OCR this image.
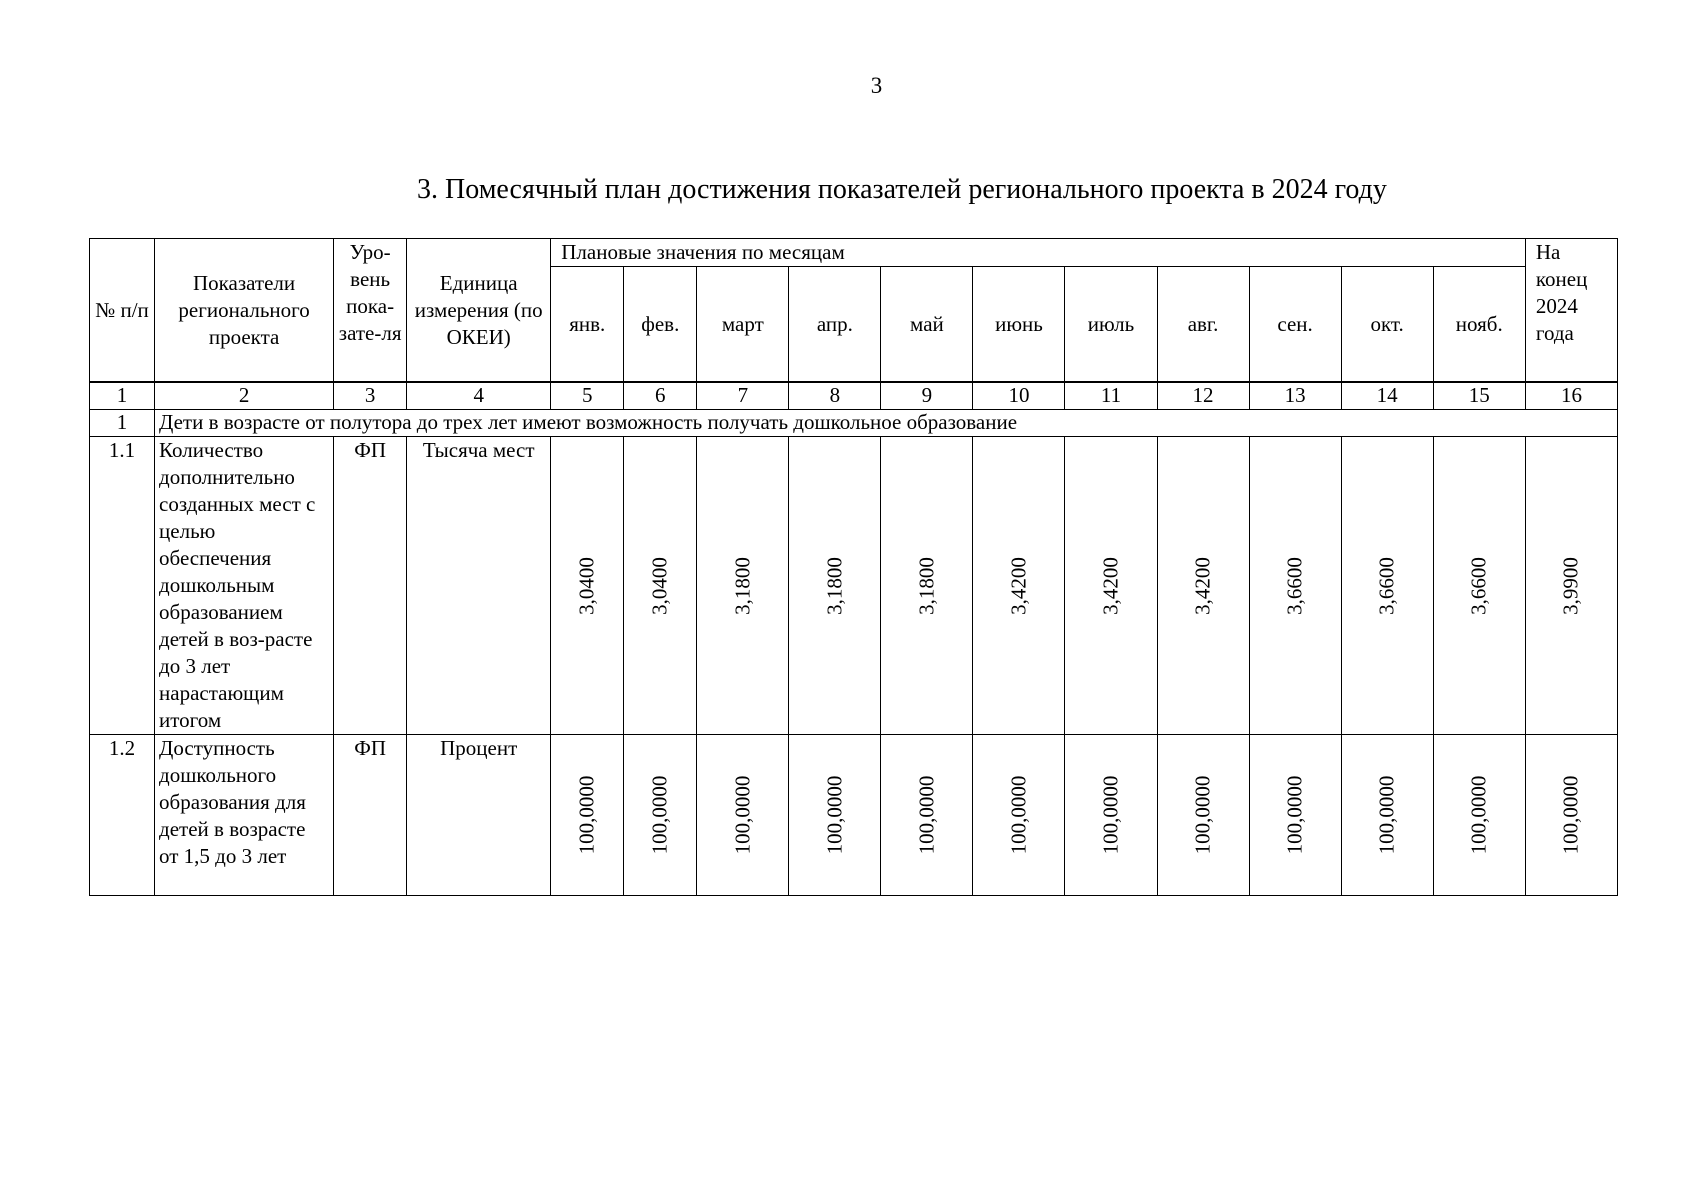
3
3. Помесячный план достижения показателей регионального проекта в 2024 году
№ п/п	Показатели регионального проекта	Уро-вень пока-зате-ля	Единица измерения (по ОКЕИ)	Плановые значения по месяцам											На конец 2024 года
				янв.	фев.	март	апр.	май	июнь	июль	авг.	сен.	окт.	нояб.	

1	2	3	4	5	6	7	8	9	10	11	12	13	14	15	16
1	Дети в возрасте от полутора до трех лет имеют возможность получать дошкольное образование														
1.1	Количество дополнительно созданных мест с целью обеспечения дошкольным образованием детей в воз-расте до 3 лет нарастающим итогом	ФП	Тысяча мест	3,0400	3,0400	3,1800	3,1800	3,1800	3,4200	3,4200	3,4200	3,6600	3,6600	3,6600	3,9900

1.2	Доступность дошкольного образования для детей в возрасте от 1,5 до 3 лет	ФП	Процент	100,0000	100,0000	100,0000	100,0000	100,0000	100,0000	100,0000	100,0000	100,0000	100,0000	100,0000	100,0000
